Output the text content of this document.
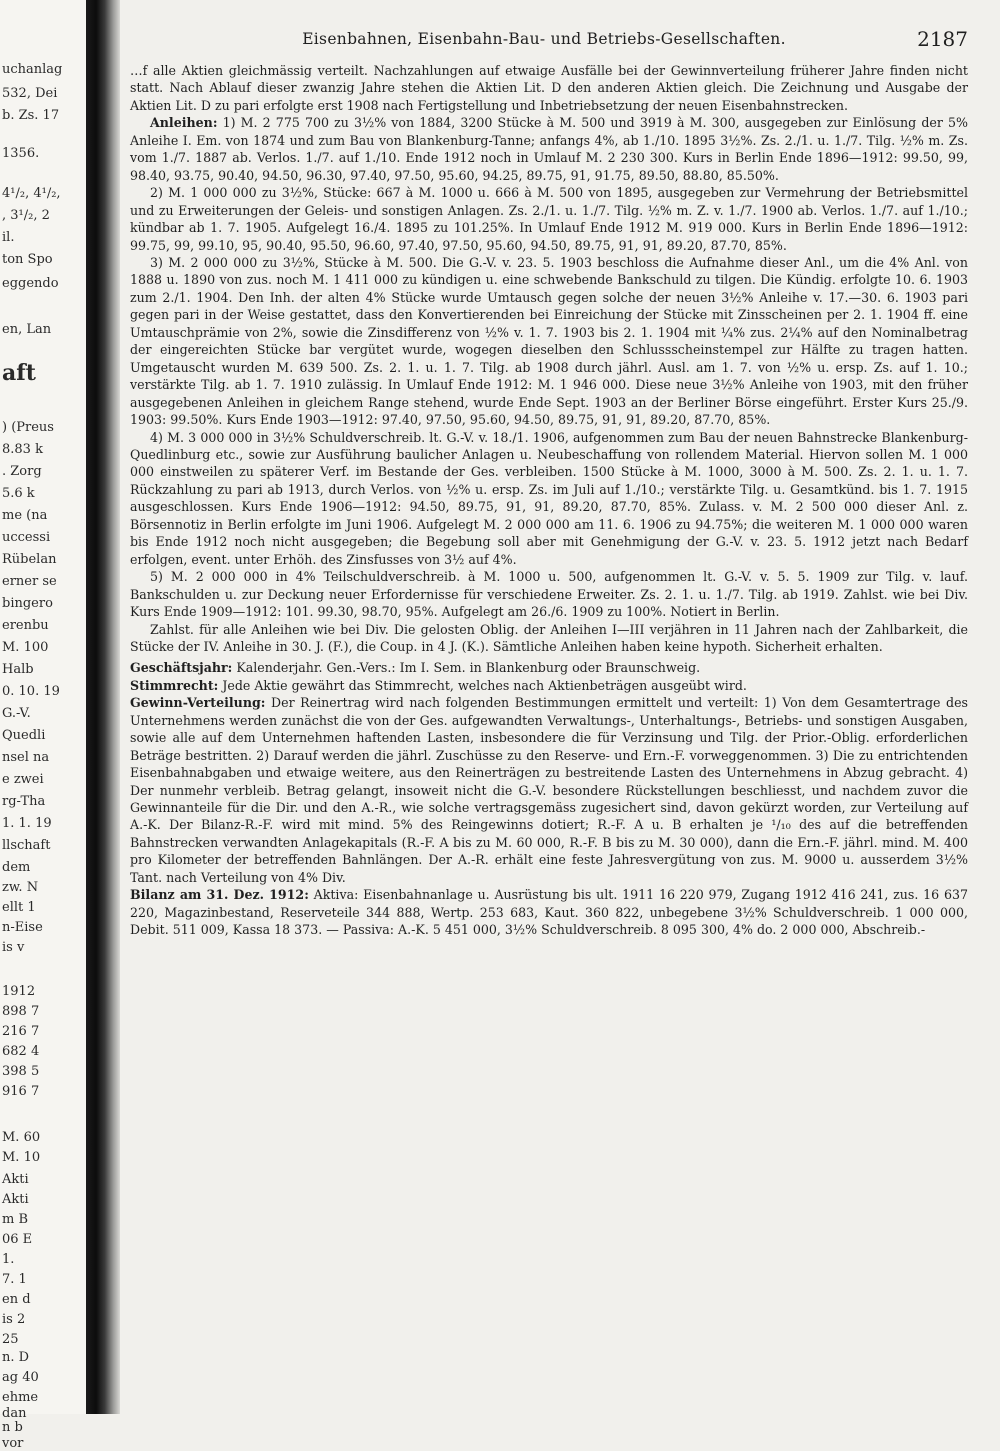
uchanlag
532, Dei
b. Zs. 17
1356.
4¹/₂, 4¹/₂,
, 3¹/₂, 2
il.
ton Spo
eggendo
en, Lan
aft
) (Preus
8.83 k
. Zorg
5.6 k
me (na
uccessi
Rübelan
erner se
bingero
erenbu
M. 100
Halb
0. 10. 19
G.-V.
Quedli
nsel na
e zwei
rg-Tha
1. 1. 19
llschaft
dem
zw. N
ellt 1
n-Eise
is v
1912
898 7
216 7
682 4
398 5
916 7
M. 60
M. 10
Akti
Akti
m B
06 E
1.
7. 1
en d
is 2
25
n. D
ag 40
ehme
dan
n b
vor
Eisenbahnen, Eisenbahn-Bau- und Betriebs-Gesellschaften.	2187

…f alle Aktien gleichmässig verteilt. Nachzahlungen auf etwaige Ausfälle bei der Gewinnverteilung früherer Jahre finden nicht statt. Nach Ablauf dieser zwanzig Jahre stehen die Aktien Lit. D den anderen Aktien gleich. Die Zeichnung und Ausgabe der Aktien Lit. D zu pari erfolgte erst 1908 nach Fertigstellung und Inbetriebsetzung der neuen Eisenbahnstrecken.

Anleihen: 1) M. 2 775 700 zu 3½% von 1884, 3200 Stücke à M. 500 und 3919 à M. 300, ausgegeben zur Einlösung der 5% Anleihe I. Em. von 1874 und zum Bau von Blankenburg-Tanne; anfangs 4%, ab 1./10. 1895 3½%. Zs. 2./1. u. 1./7. Tilg. ½% m. Zs. vom 1./7. 1887 ab. Verlos. 1./7. auf 1./10. Ende 1912 noch in Umlauf M. 2 230 300. Kurs in Berlin Ende 1896—1912: 99.50, 99, 98.40, 93.75, 90.40, 94.50, 96.30, 97.40, 97.50, 95.60, 94.25, 89.75, 91, 91.75, 89.50, 88.80, 85.50%.

2) M. 1 000 000 zu 3½%, Stücke: 667 à M. 1000 u. 666 à M. 500 von 1895, ausgegeben zur Vermehrung der Betriebsmittel und zu Erweiterungen der Geleis- und sonstigen Anlagen. Zs. 2./1. u. 1./7. Tilg. ½% m. Z. v. 1./7. 1900 ab. Verlos. 1./7. auf 1./10.; kündbar ab 1. 7. 1905. Aufgelegt 16./4. 1895 zu 101.25%. In Umlauf Ende 1912 M. 919 000. Kurs in Berlin Ende 1896—1912: 99.75, 99, 99.10, 95, 90.40, 95.50, 96.60, 97.40, 97.50, 95.60, 94.50, 89.75, 91, 91, 89.20, 87.70, 85%.

3) M. 2 000 000 zu 3½%, Stücke à M. 500. Die G.-V. v. 23. 5. 1903 beschloss die Aufnahme dieser Anl., um die 4% Anl. von 1888 u. 1890 von zus. noch M. 1 411 000 zu kündigen u. eine schwebende Bankschuld zu tilgen. Die Kündig. erfolgte 10. 6. 1903 zum 2./1. 1904. Den Inh. der alten 4% Stücke wurde Umtausch gegen solche der neuen 3½% Anleihe v. 17.—30. 6. 1903 pari gegen pari in der Weise gestattet, dass den Konvertierenden bei Einreichung der Stücke mit Zinsscheinen per 2. 1. 1904 ff. eine Umtauschprämie von 2%, sowie die Zinsdifferenz von ½% v. 1. 7. 1903 bis 2. 1. 1904 mit ¼% zus. 2¼% auf den Nominalbetrag der eingereichten Stücke bar vergütet wurde, wogegen dieselben den Schlussscheinstempel zur Hälfte zu tragen hatten. Umgetauscht wurden M. 639 500. Zs. 2. 1. u. 1. 7. Tilg. ab 1908 durch jährl. Ausl. am 1. 7. von ½% u. ersp. Zs. auf 1. 10.; verstärkte Tilg. ab 1. 7. 1910 zulässig. In Umlauf Ende 1912: M. 1 946 000. Diese neue 3½% Anleihe von 1903, mit den früher ausgegebenen Anleihen in gleichem Range stehend, wurde Ende Sept. 1903 an der Berliner Börse eingeführt. Erster Kurs 25./9. 1903: 99.50%. Kurs Ende 1903—1912: 97.40, 97.50, 95.60, 94.50, 89.75, 91, 91, 89.20, 87.70, 85%.

4) M. 3 000 000 in 3½% Schuldverschreib. lt. G.-V. v. 18./1. 1906, aufgenommen zum Bau der neuen Bahnstrecke Blankenburg-Quedlinburg etc., sowie zur Ausführung baulicher Anlagen u. Neubeschaffung von rollendem Material. Hiervon sollen M. 1 000 000 einstweilen zu späterer Verf. im Bestande der Ges. verbleiben. 1500 Stücke à M. 1000, 3000 à M. 500. Zs. 2. 1. u. 1. 7. Rückzahlung zu pari ab 1913, durch Verlos. von ½% u. ersp. Zs. im Juli auf 1./10.; verstärkte Tilg. u. Gesamtkünd. bis 1. 7. 1915 ausgeschlossen. Kurs Ende 1906—1912: 94.50, 89.75, 91, 91, 89.20, 87.70, 85%. Zulass. v. M. 2 500 000 dieser Anl. z. Börsennotiz in Berlin erfolgte im Juni 1906. Aufgelegt M. 2 000 000 am 11. 6. 1906 zu 94.75%; die weiteren M. 1 000 000 waren bis Ende 1912 noch nicht ausgegeben; die Begebung soll aber mit Genehmigung der G.-V. v. 23. 5. 1912 jetzt nach Bedarf erfolgen, event. unter Erhöh. des Zinsfusses von 3½ auf 4%.

5) M. 2 000 000 in 4% Teilschuldverschreib. à M. 1000 u. 500, aufgenommen lt. G.-V. v. 5. 5. 1909 zur Tilg. v. lauf. Bankschulden u. zur Deckung neuer Erfordernisse für verschiedene Erweiter. Zs. 2. 1. u. 1./7. Tilg. ab 1919. Zahlst. wie bei Div. Kurs Ende 1909—1912: 101. 99.30, 98.70, 95%. Aufgelegt am 26./6. 1909 zu 100%. Notiert in Berlin.

Zahlst. für alle Anleihen wie bei Div. Die gelosten Oblig. der Anleihen I—III verjähren in 11 Jahren nach der Zahlbarkeit, die Stücke der IV. Anleihe in 30. J. (F.), die Coup. in 4 J. (K.). Sämtliche Anleihen haben keine hypoth. Sicherheit erhalten.

Geschäftsjahr: Kalenderjahr. Gen.-Vers.: Im I. Sem. in Blankenburg oder Braunschweig.

Stimmrecht: Jede Aktie gewährt das Stimmrecht, welches nach Aktienbeträgen ausgeübt wird.

Gewinn-Verteilung: Der Reinertrag wird nach folgenden Bestimmungen ermittelt und verteilt: 1) Von dem Gesamtertrage des Unternehmens werden zunächst die von der Ges. aufgewandten Verwaltungs-, Unterhaltungs-, Betriebs- und sonstigen Ausgaben, sowie alle auf dem Unternehmen haftenden Lasten, insbesondere die für Verzinsung und Tilg. der Prior.-Oblig. erforderlichen Beträge bestritten. 2) Darauf werden die jährl. Zuschüsse zu den Reserve- und Ern.-F. vorweggenommen. 3) Die zu entrichtenden Eisenbahnabgaben und etwaige weitere, aus den Reinerträgen zu bestreitende Lasten des Unternehmens in Abzug gebracht. 4) Der nunmehr verbleib. Betrag gelangt, insoweit nicht die G.-V. besondere Rückstellungen beschliesst, und nachdem zuvor die Gewinnanteile für die Dir. und den A.-R., wie solche vertragsgemäss zugesichert sind, davon gekürzt worden, zur Verteilung auf A.-K. Der Bilanz-R.-F. wird mit mind. 5% des Reingewinns dotiert; R.-F. A u. B erhalten je ¹/₁₀ des auf die betreffenden Bahnstrecken verwandten Anlagekapitals (R.-F. A bis zu M. 60 000, R.-F. B bis zu M. 30 000), dann die Ern.-F. jährl. mind. M. 400 pro Kilometer der betreffenden Bahnlängen. Der A.-R. erhält eine feste Jahresvergütung von zus. M. 9000 u. ausserdem 3½% Tant. nach Verteilung von 4% Div.

Bilanz am 31. Dez. 1912: Aktiva: Eisenbahnanlage u. Ausrüstung bis ult. 1911 16 220 979, Zugang 1912 416 241, zus. 16 637 220, Magazinbestand, Reserveteile 344 888, Wertp. 253 683, Kaut. 360 822, unbegebene 3½% Schuldverschreib. 1 000 000, Debit. 511 009, Kassa 18 373. — Passiva: A.-K. 5 451 000, 3½% Schuldverschreib. 8 095 300, 4% do. 2 000 000, Abschreib.-
